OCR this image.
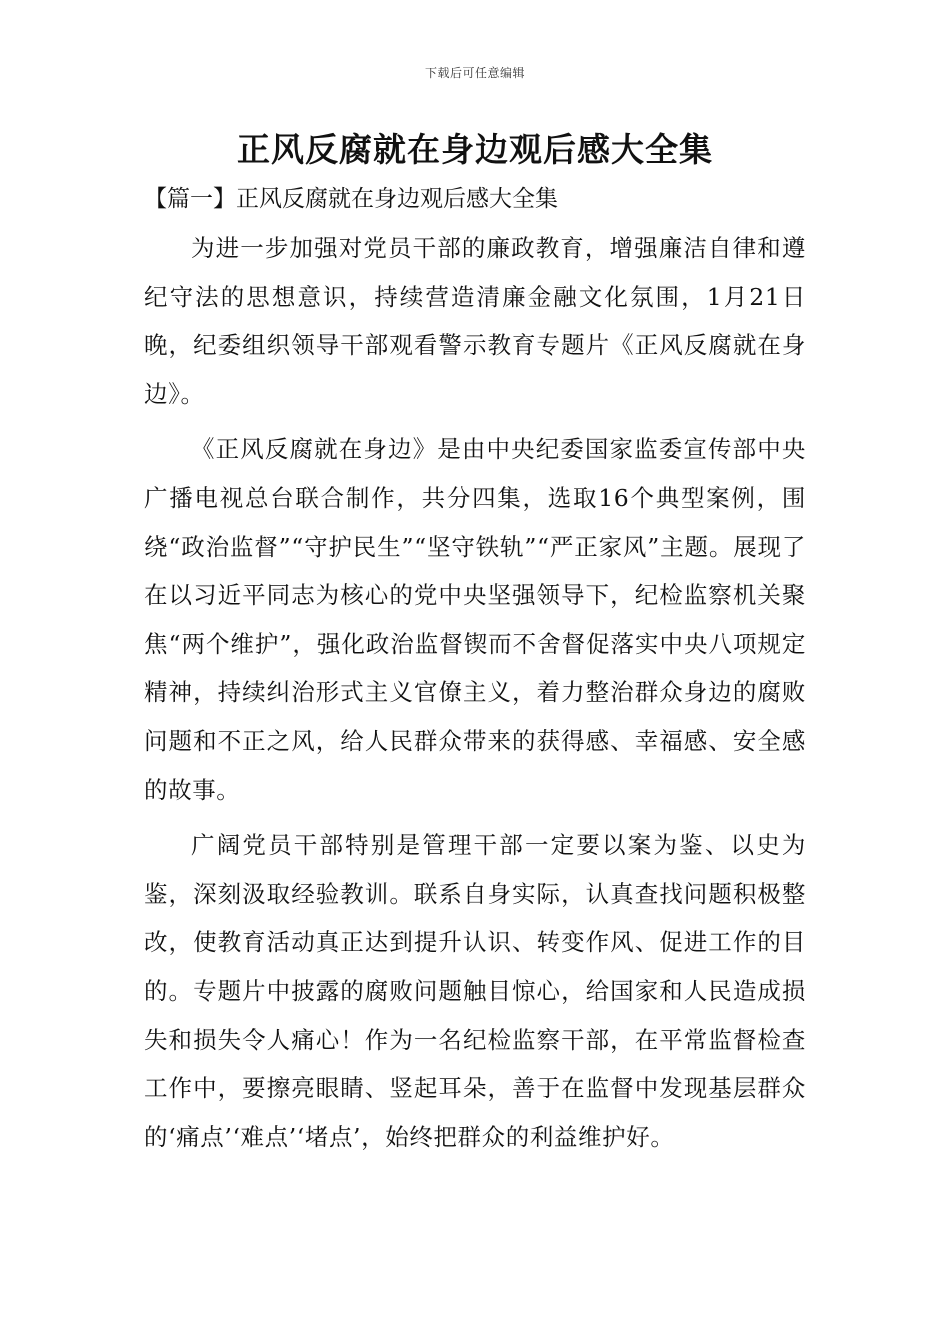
下载后可任意编辑
正风反腐就在身边观后感大全集

【篇一】正风反腐就在身边观后感大全集

为进一步加强对党员干部的廉政教育，增强廉洁自律和遵纪守法的思想意识，持续营造清廉金融文化氛围，1月21日晚，纪委组织领导干部观看警示教育专题片《正风反腐就在身边》。

《正风反腐就在身边》是由中央纪委国家监委宣传部中央广播电视总台联合制作，共分四集，选取16个典型案例，围绕“政治监督”“守护民生”“坚守铁轨”“严正家风”主题。展现了在以习近平同志为核心的党中央坚强领导下，纪检监察机关聚焦“两个维护”，强化政治监督锲而不舍督促落实中央八项规定精神，持续纠治形式主义官僚主义，着力整治群众身边的腐败问题和不正之风，给人民群众带来的获得感、幸福感、安全感的故事。

广阔党员干部特别是管理干部一定要以案为鉴、以史为鉴，深刻汲取经验教训。联系自身实际，认真查找问题积极整改，使教育活动真正达到提升认识、转变作风、促进工作的目的。专题片中披露的腐败问题触目惊心，给国家和人民造成损失和损失令人痛心！作为一名纪检监察干部，在平常监督检查工作中，要擦亮眼睛、竖起耳朵，善于在监督中发现基层群众的‘痛点’‘难点’‘堵点’，始终把群众的利益维护好。
